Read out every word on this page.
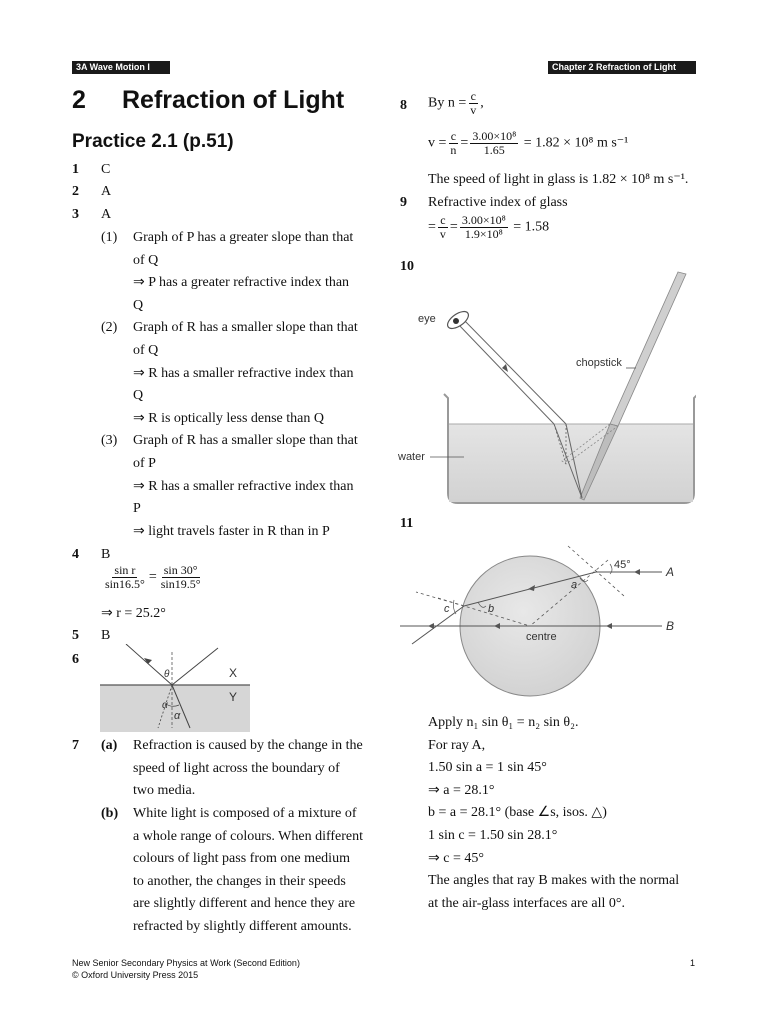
3A Wave Motion I	Chapter 2 Refraction of Light
2 Refraction of Light
Practice 2.1 (p.51)
1 C
2 A
3 A
(1) Graph of P has a greater slope than that
of Q
⇒ P has a greater refractive index than
Q
(2) Graph of R has a smaller slope than that
of Q
⇒ R has a smaller refractive index than
Q
⇒ R is optically less dense than Q
(3) Graph of R has a smaller slope than that
of P
⇒ R has a smaller refractive index than
P
⇒ light travels faster in R than in P
4 B
$\frac{\text{sin r}}{\sin 16.5^\circ} = \frac{\sin 30^\circ}{\sin 19.5^\circ}$
⇒ r = 25.2°
5 B
6
θ
α
α
X
Y
7 (a) Refraction is caused by the change in the
speed of light across the boundary of
two media.
(b) White light is composed of a mixture of
a whole range of colours. When different
colours of light pass from one medium
to another, the changes in their speeds
are slightly different and hence they are
refracted by slightly different amounts.
8 By $n = \frac{c}{v}$ ,
$v = \frac{c}{n} = \frac{\text{3.00×10⁸}}{1.65} = 1.82 \times 10^8$ m s⁻¹
The speed of light in glass is 1.82 × 10⁸ m s⁻¹.
9 Refractive index of glass
= $\frac{c}{v} = \frac{\text{3.00×10⁸}}{\text{1.9×10⁸}} = 1.58$
10
eye
chopstick
water
11
45°	A
B
centre
a
b
c
Apply n₁ sin θ₁ = n₂ sin θ₂.
For ray A,
1.50 sin a = 1 sin 45°
⇒ a = 28.1°
b = a = 28.1° (base ∠s, isos. △)
1 sin c = 1.50 sin 28.1°
⇒ c = 45°
The angles that ray B makes with the normal
at the air-glass interfaces are all 0°.
New Senior Secondary Physics at Work (Second Edition)
© Oxford University Press 2015
1
